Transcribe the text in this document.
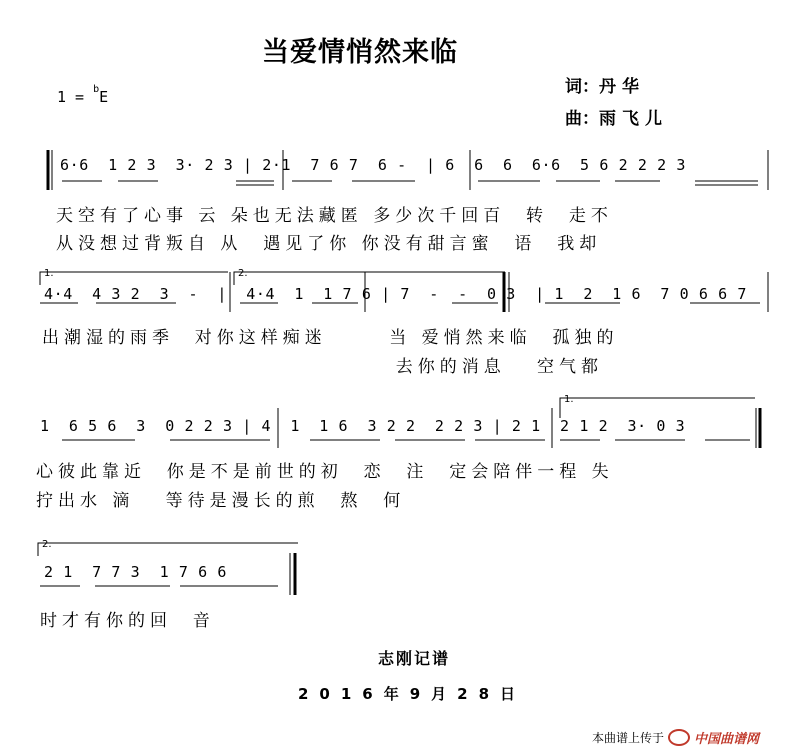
当爱情悄然来临
1 = $^b$E	词：丹华
曲：雨飞儿
6·6  1 2 3  3· 2 3 | 2·1  7 6 7  6 -  | 6  6  6  6·6  5 6 2 2 2 3
天空有了心事 云 朵也无法藏匿 多少次千回百  转  走不
从没想过背叛自 从  遇见了你 你没有甜言蜜  语  我却
1.	2.
4·4  4 3 2  3  -  |  4·4  1  1 7 6 | 7  -  -  0 3  | 1  2  1 6  7 0 6 6 7
出潮湿的雨季  对你这样痴迷      当 爱悄然来临  孤独的
去你的消息   空气都
1.
1  6 5 6  3  0 2 2 3 | 4  1  1 6  3 2 2  2 2 3 | 2 1  2 1 2  3· 0 3
心彼此靠近  你是不是前世的初  恋  注  定会陪伴一程 失
拧出水 滴   等待是漫长的煎  熬  何
2.
2 1  7 7 3  1 7 6 6
时才有你的回  音
志刚记谱
2016年9月28日
本曲谱上传于 中国曲谱网
